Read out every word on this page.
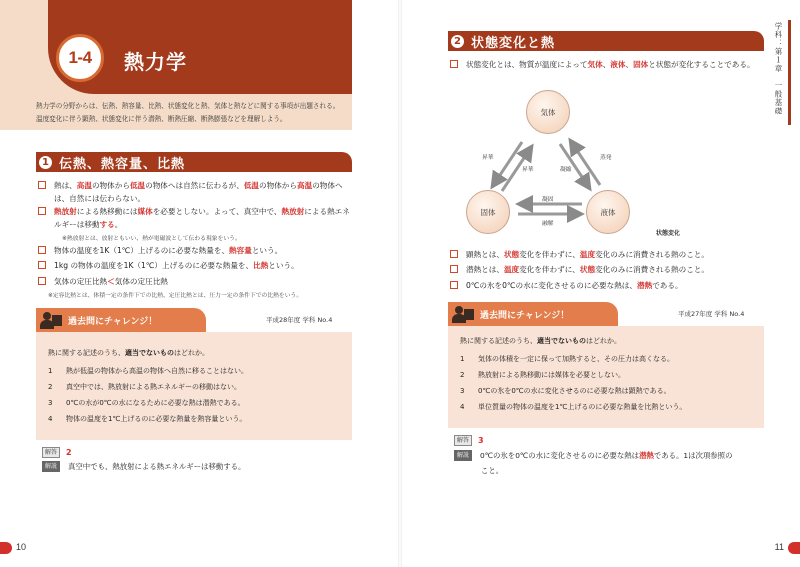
1-4 熱力学
熱力学の分野からは、伝熱、熱容量、比熱、状態変化と熱、気体と熱などに関する事項が出題される。温度変化に伴う顕熱、状態変化に伴う潜熱、断熱圧縮、断熱膨張などを理解しよう。
1 伝熱、熱容量、比熱
熱は、高温の物体から低温の物体へは自然に伝わるが、低温の物体から高温の物体へは、自然には伝わらない。
熱放射による熱移動には媒体を必要としない。よって、真空中で、熱放射による熱エネルギーは移動する。
※熱放射とは、放射ともいい、熱が電磁波として伝わる現象をいう。
物体の温度を1K（1℃）上げるのに必要な熱量を、熱容量という。
1kg の物体の温度を1K（1℃）上げるのに必要な熱量を、比熱という。
気体の定圧比熱＜気体の定圧比熱
※定容比熱とは、体積一定の条件下での比熱、定圧比熱とは、圧力一定の条件下での比熱をいう。
過去問にチャレンジ！	平成28年度 学科 No.4
熱に関する記述のうち、適当でないものはどれか。
1 熱が低温の物体から高温の物体へ自然に移ることはない。
2 真空中では、熱放射による熱エネルギーの移動はない。
3 0℃の水が0℃の水になるために必要な熱は潜熱である。
4 物体の温度を1℃上げるのに必要な熱量を熱容量という。
解答	2
解説	真空中でも、熱放射による熱エネルギーは移動する。
10
2 状態変化と熱
状態変化とは、物質が温度によって気体、液体、固体と状態が変化することである。
気体
固体	液体
昇華
昇華
蒸発
凝縮
凝固
融解
状態変化
顕熱とは、状態変化を伴わずに、温度変化のみに消費される熱のこと。
潜熱とは、温度変化を伴わずに、状態変化のみに消費される熱のこと。
0℃の氷を0℃の水に変化させるのに必要な熱は、潜熱である。
過去問にチャレンジ！	平成27年度 学科 No.4
熱に関する記述のうち、適当でないものはどれか。
1 気体の体積を一定に保って加熱すると、その圧力は高くなる。
2 熱放射による熱移動には媒体を必要としない。
3 0℃の氷を0℃の水に変化させるのに必要な熱は顕熱である。
4 単位質量の物体の温度を1℃上げるのに必要な熱量を比熱という。
解答	3
解説	0℃の氷を0℃の水に変化させるのに必要な熱は潜熱である。1は次項参照の
こと。
学科：第１章　一般基礎
11
